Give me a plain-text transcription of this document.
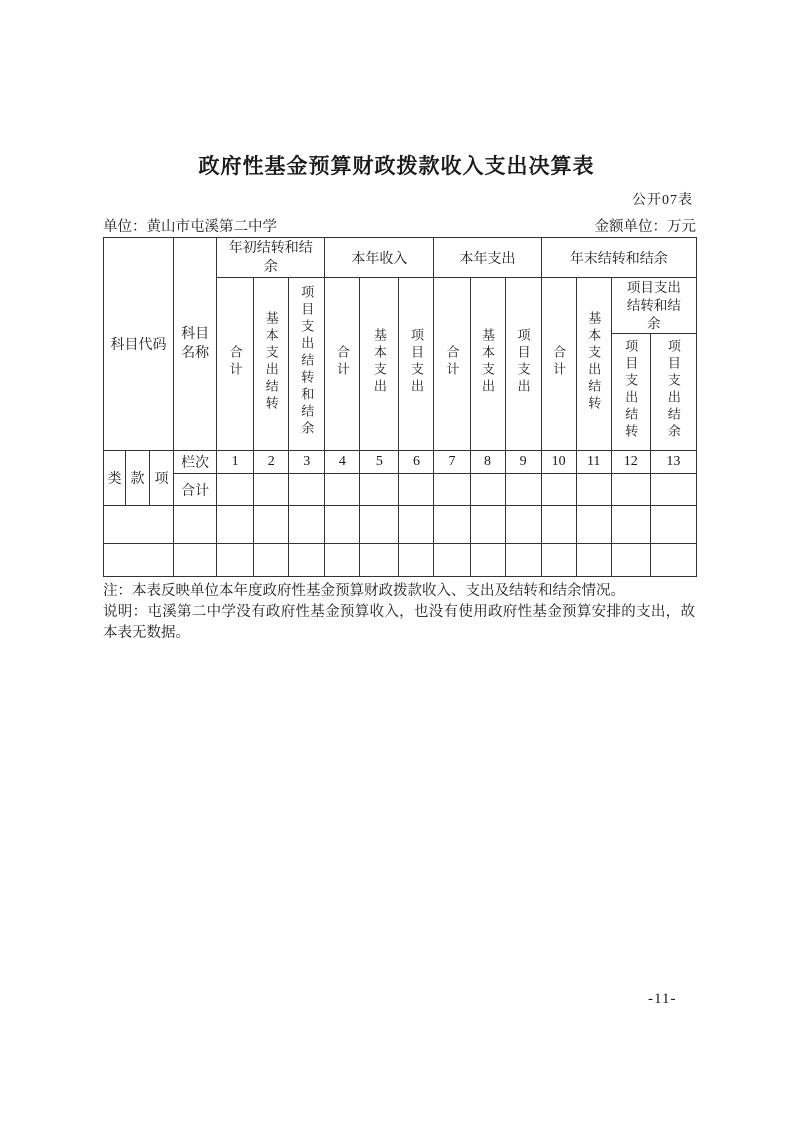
政府性基金预算财政拨款收入支出决算表
公开07表
单位：黄山市屯溪第二中学	金额单位：万元
科目代码			科目名称	年初结转和结余			本年收入			本年支出			年末结转和结余			
				合计	基本支出结转	项目支出结转和结余	合计	基本支出	项目支出	合计	基本支出	项目支出	合计	基本支出结转	项目支出结转和结余	
															项目支出结转	项目支出结余
类	款	项	栏次	1	2	3	4	5	6	7	8	9	10	11	12	13
			合计													

注：本表反映单位本年度政府性基金预算财政拨款收入、支出及结转和结余情况。
说明：屯溪第二中学没有政府性基金预算收入，也没有使用政府性基金预算安排的支出，故本表无数据。
-11-
